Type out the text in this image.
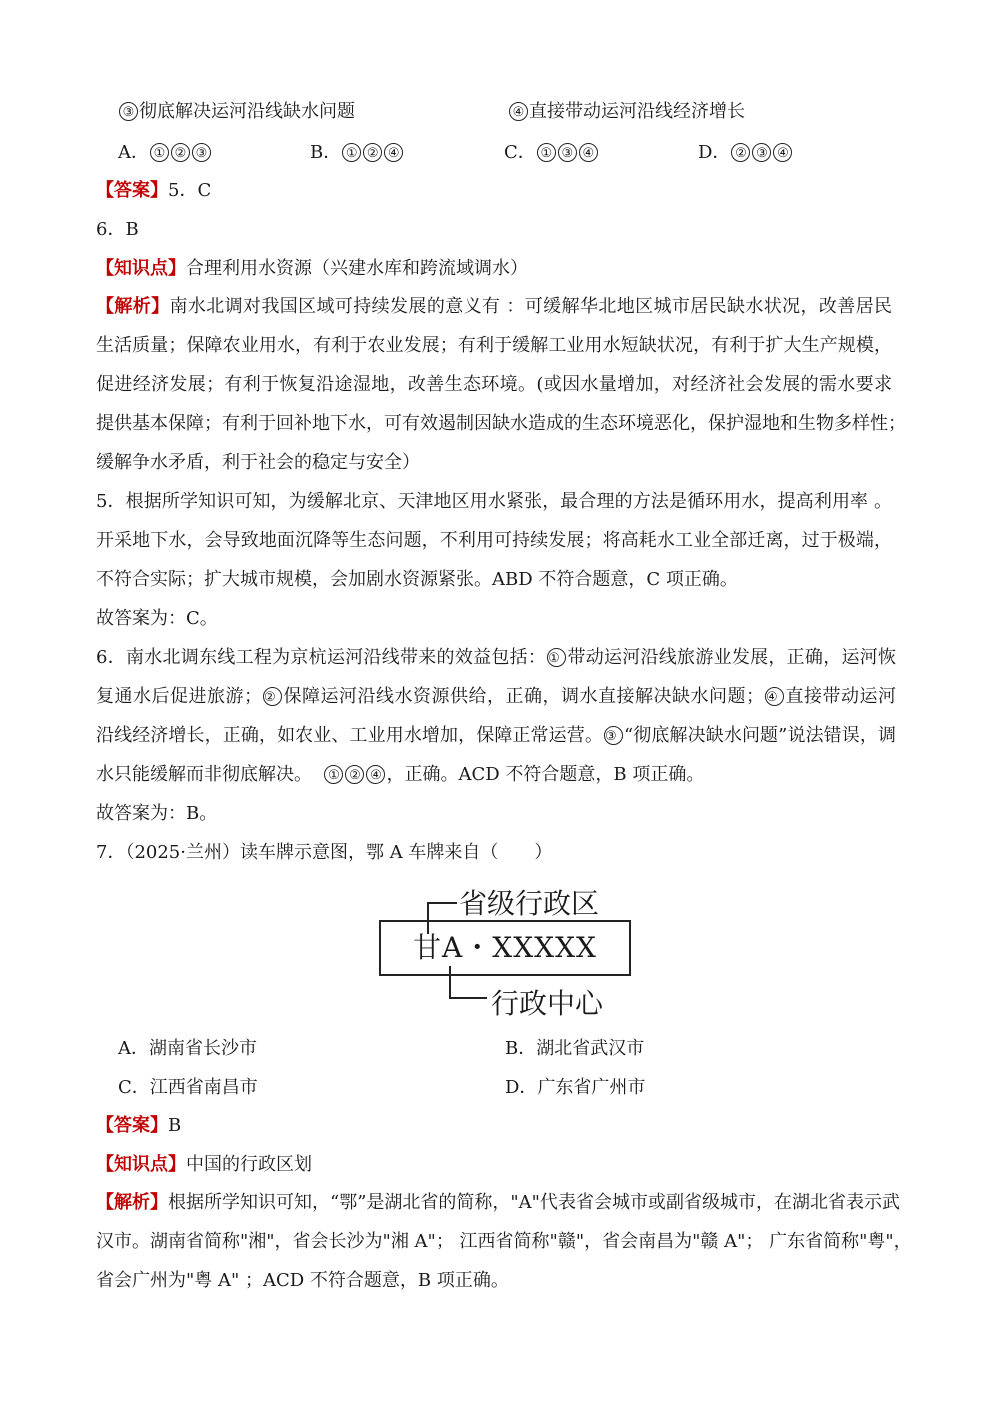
③ 彻底解决运河沿线缺水问题	④ 直接带动运河沿线经济增长
A． ① ② ③	B． ① ② ④	C． ① ③ ④	D． ② ③ ④
【答案】5．C
6．B
【知识点】合理利用水资源（兴建水库和跨流域调水）
【解析】南水北调对我国区域可持续发展的意义有 ：可缓解华北地区城市居民缺水状况，改善居民
生活质量；保障农业用水，有利于农业发展；有利于缓解工业用水短缺状况，有利于扩大生产规模，
促进经济发展；有利于恢复沿途湿地，改善生态环境。(或因水量增加，对经济社会发展的需水要求
提供基本保障；有利于回补地下水，可有效遏制因缺水造成的生态环境恶化，保护湿地和生物多样性；
缓解争水矛盾，利于社会的稳定与安全）
5．根据所学知识可知，为缓解北京、天津地区用水紧张，最合理的方法是循环用水，提高利用率 。
开采地下水，会导致地面沉降等生态问题，不利用可持续发展；将高耗水工业全部迁离，过于极端，
不符合实际；扩大城市规模，会加剧水资源紧张。ABD 不符合题意，C 项正确。
故答案为：C。
6．南水北调东线工程为京杭运河沿线带来的效益包括： ① 带动运河沿线旅游业发展，正确，运河恢
复通水后促进旅游； ② 保障运河沿线水资源供给，正确，调水直接解决缺水问题； ④ 直接带动运河
沿线经济增长，正确，如农业、工业用水增加，保障正常运营。 ③ “彻底解决缺水问题”说法错误，调
水只能缓解而非彻底解决。 ① ② ④ ，正确。ACD 不符合题意，B 项正确。
故答案为：B。
7．（2025·兰州）读车牌示意图，鄂 A 车牌来自（　　）
省级行政区
甘A・XXXXX
行政中心
A．湖南省长沙市	B．湖北省武汉市
C．江西省南昌市	D．广东省广州市
【答案】B
【知识点】中国的行政区划
【解析】根据所学知识可知，“鄂”是湖北省的简称，"A"代表省会城市或副省级城市，在湖北省表示武
汉市。湖南省简称"湘"，省会长沙为"湘 A"； 江西省简称"赣"，省会南昌为"赣 A"； 广东省简称"粤"，
省会广州为"粤 A" ；ACD 不符合题意，B 项正确。
